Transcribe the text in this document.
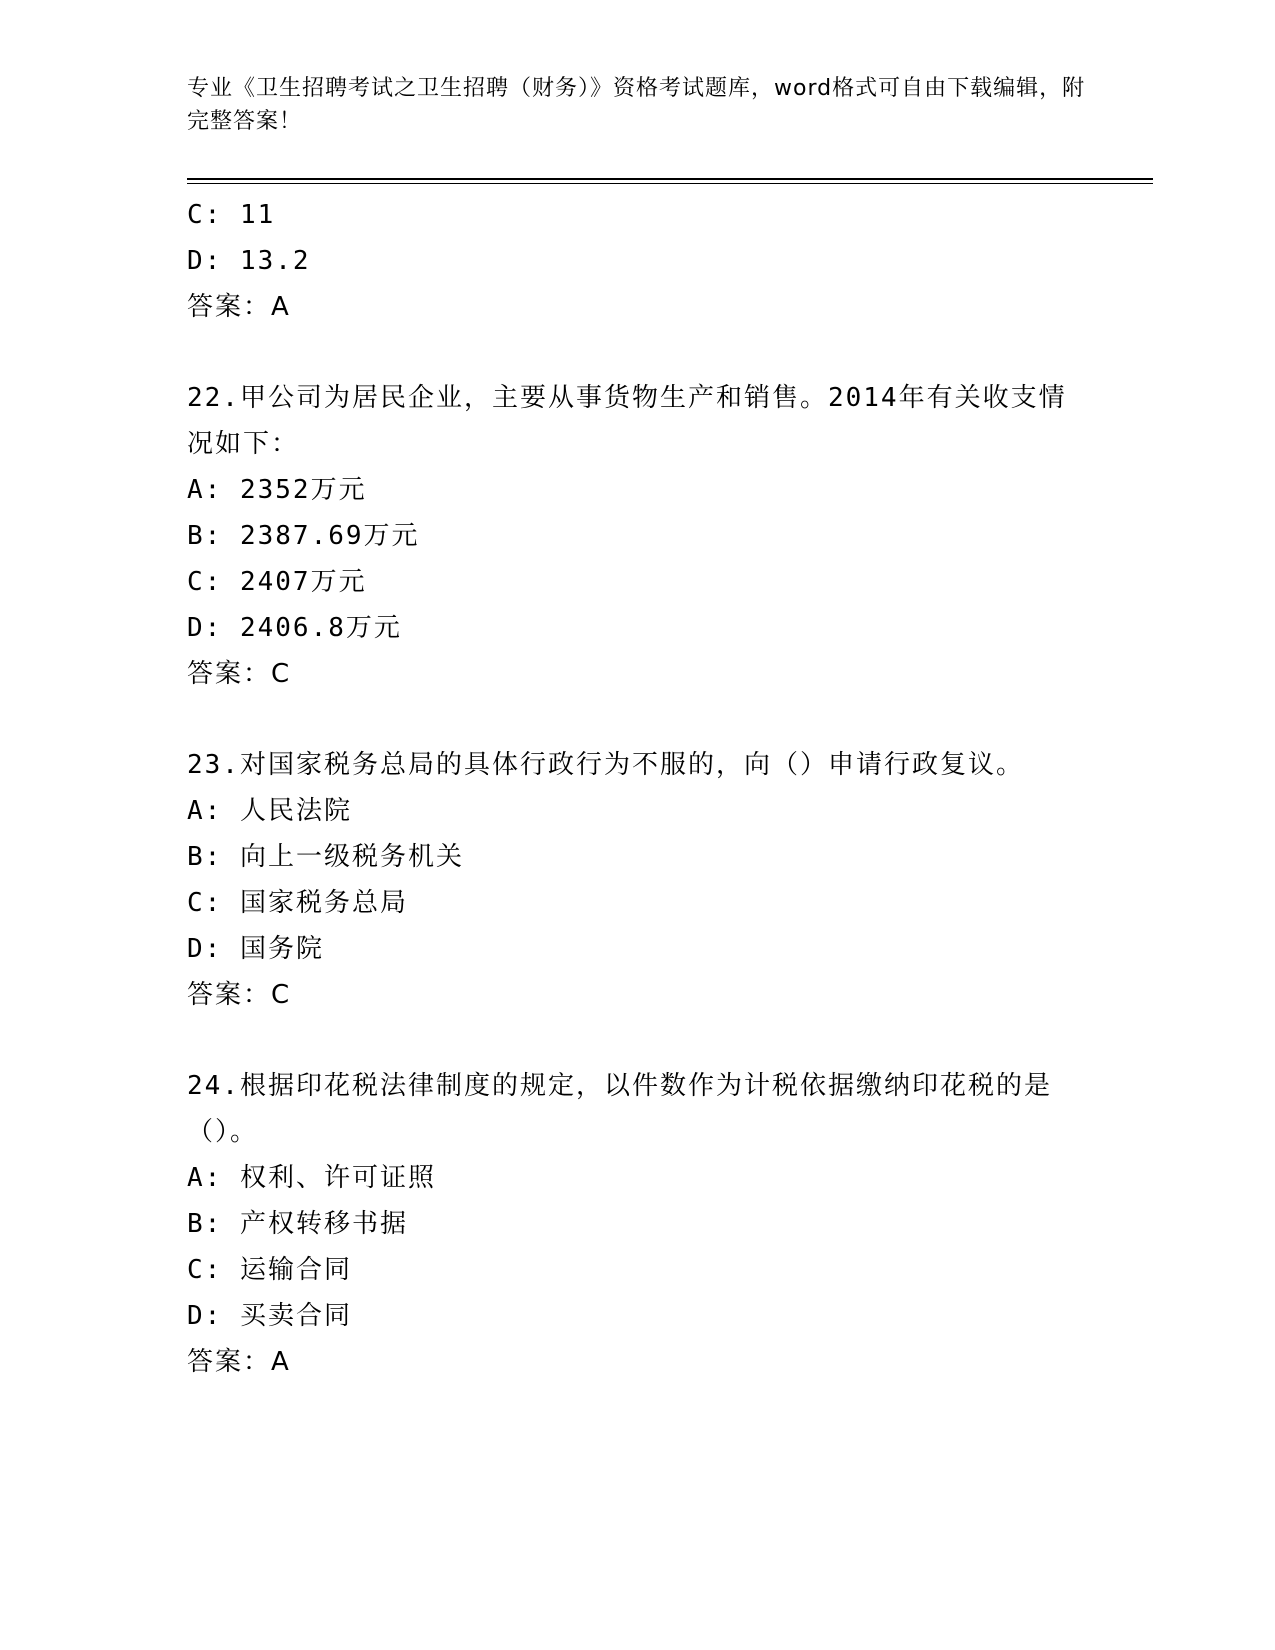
专业《卫生招聘考试之卫生招聘（财务）》资格考试题库，word格式可自由下载编辑，附完整答案！
C: 11
D: 13.2
答案：A
22.甲公司为居民企业，主要从事货物生产和销售。2014年有关收支情
况如下：
A: 2352万元
B: 2387.69万元
C: 2407万元
D: 2406.8万元
答案：C
23.对国家税务总局的具体行政行为不服的，向（）申请行政复议。
A: 人民法院
B: 向上一级税务机关
C: 国家税务总局
D: 国务院
答案：C
24.根据印花税法律制度的规定，以件数作为计税依据缴纳印花税的是
（）。
A: 权利、许可证照
B: 产权转移书据
C: 运输合同
D: 买卖合同
答案：A
